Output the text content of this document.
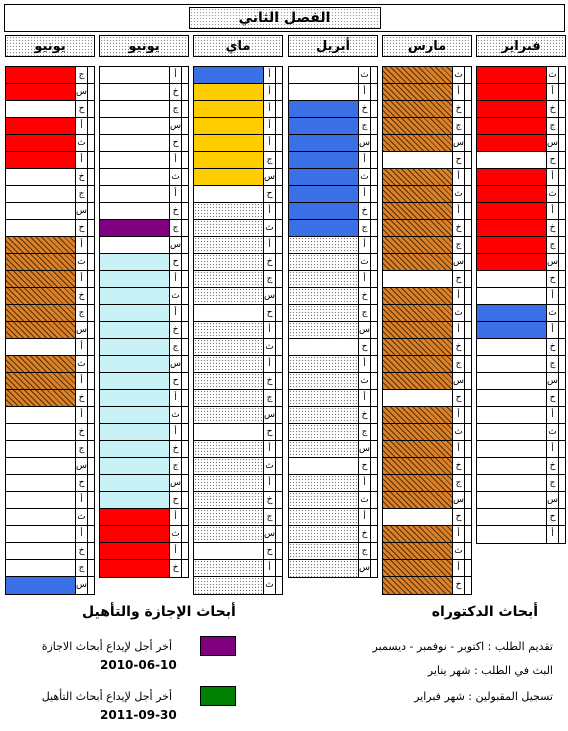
الفصل الثاني
يونيو
ج
س
ح
أ
ث
أ
خ
ج
س
ح
أ
ث
أ
خ
ج
س
أ
ث
أ
خ
أ
خ
ج
س
ح
أ
ث
أ
خ
ج
س
يونيو
أ
خ
ج
س
ح
أ
ث
أ
خ
ج
س
ح
أ
ث
أ
خ
ج
س
ح
أ
ث
أ
خ
ج
س
ح
أ
ث
أ
خ
ماي
أ
أ
أ
أ
أ
ج
س
ح
أ
ث
أ
خ
ج
س
ح
أ
ث
أ
خ
ج
س
ح
أ
ث
أ
خ
ج
س
ح
أ
ث
أبريل
ث
أ
خ
ج
س
أ
ث
أ
خ
ج
أ
ث
أ
خ
ج
س
ح
أ
ث
أ
خ
ج
س
ح
أ
ث
أ
خ
ج
س
مارس
ث
أ
خ
ج
س
ح
أ
ث
أ
خ
ج
س
ح
أ
ث
أ
خ
ج
س
ح
أ
ث
أ
خ
ج
س
ح
أ
ث
أ
خ
فبراير
ث
أ
خ
ج
س
ح
أ
ث
أ
خ
ج
س
ح
أ
ث
أ
خ
ج
س
ح
أ
ث
أ
خ
ج
س
ح
أ
أبحاث الدكتوراه
تقديم الطلب : اكتوبر - نوفمبر - ديسمبر
البث في الطلب : شهر يناير
تسجيل المقبولين : شهر فبراير
أبحاث الإجازة والتأهيل
أخر أجل لإيداع أبحاث الاجازة
2010-06-10
أخر أجل لإيداع أبحاث التأهيل
2011-09-30
